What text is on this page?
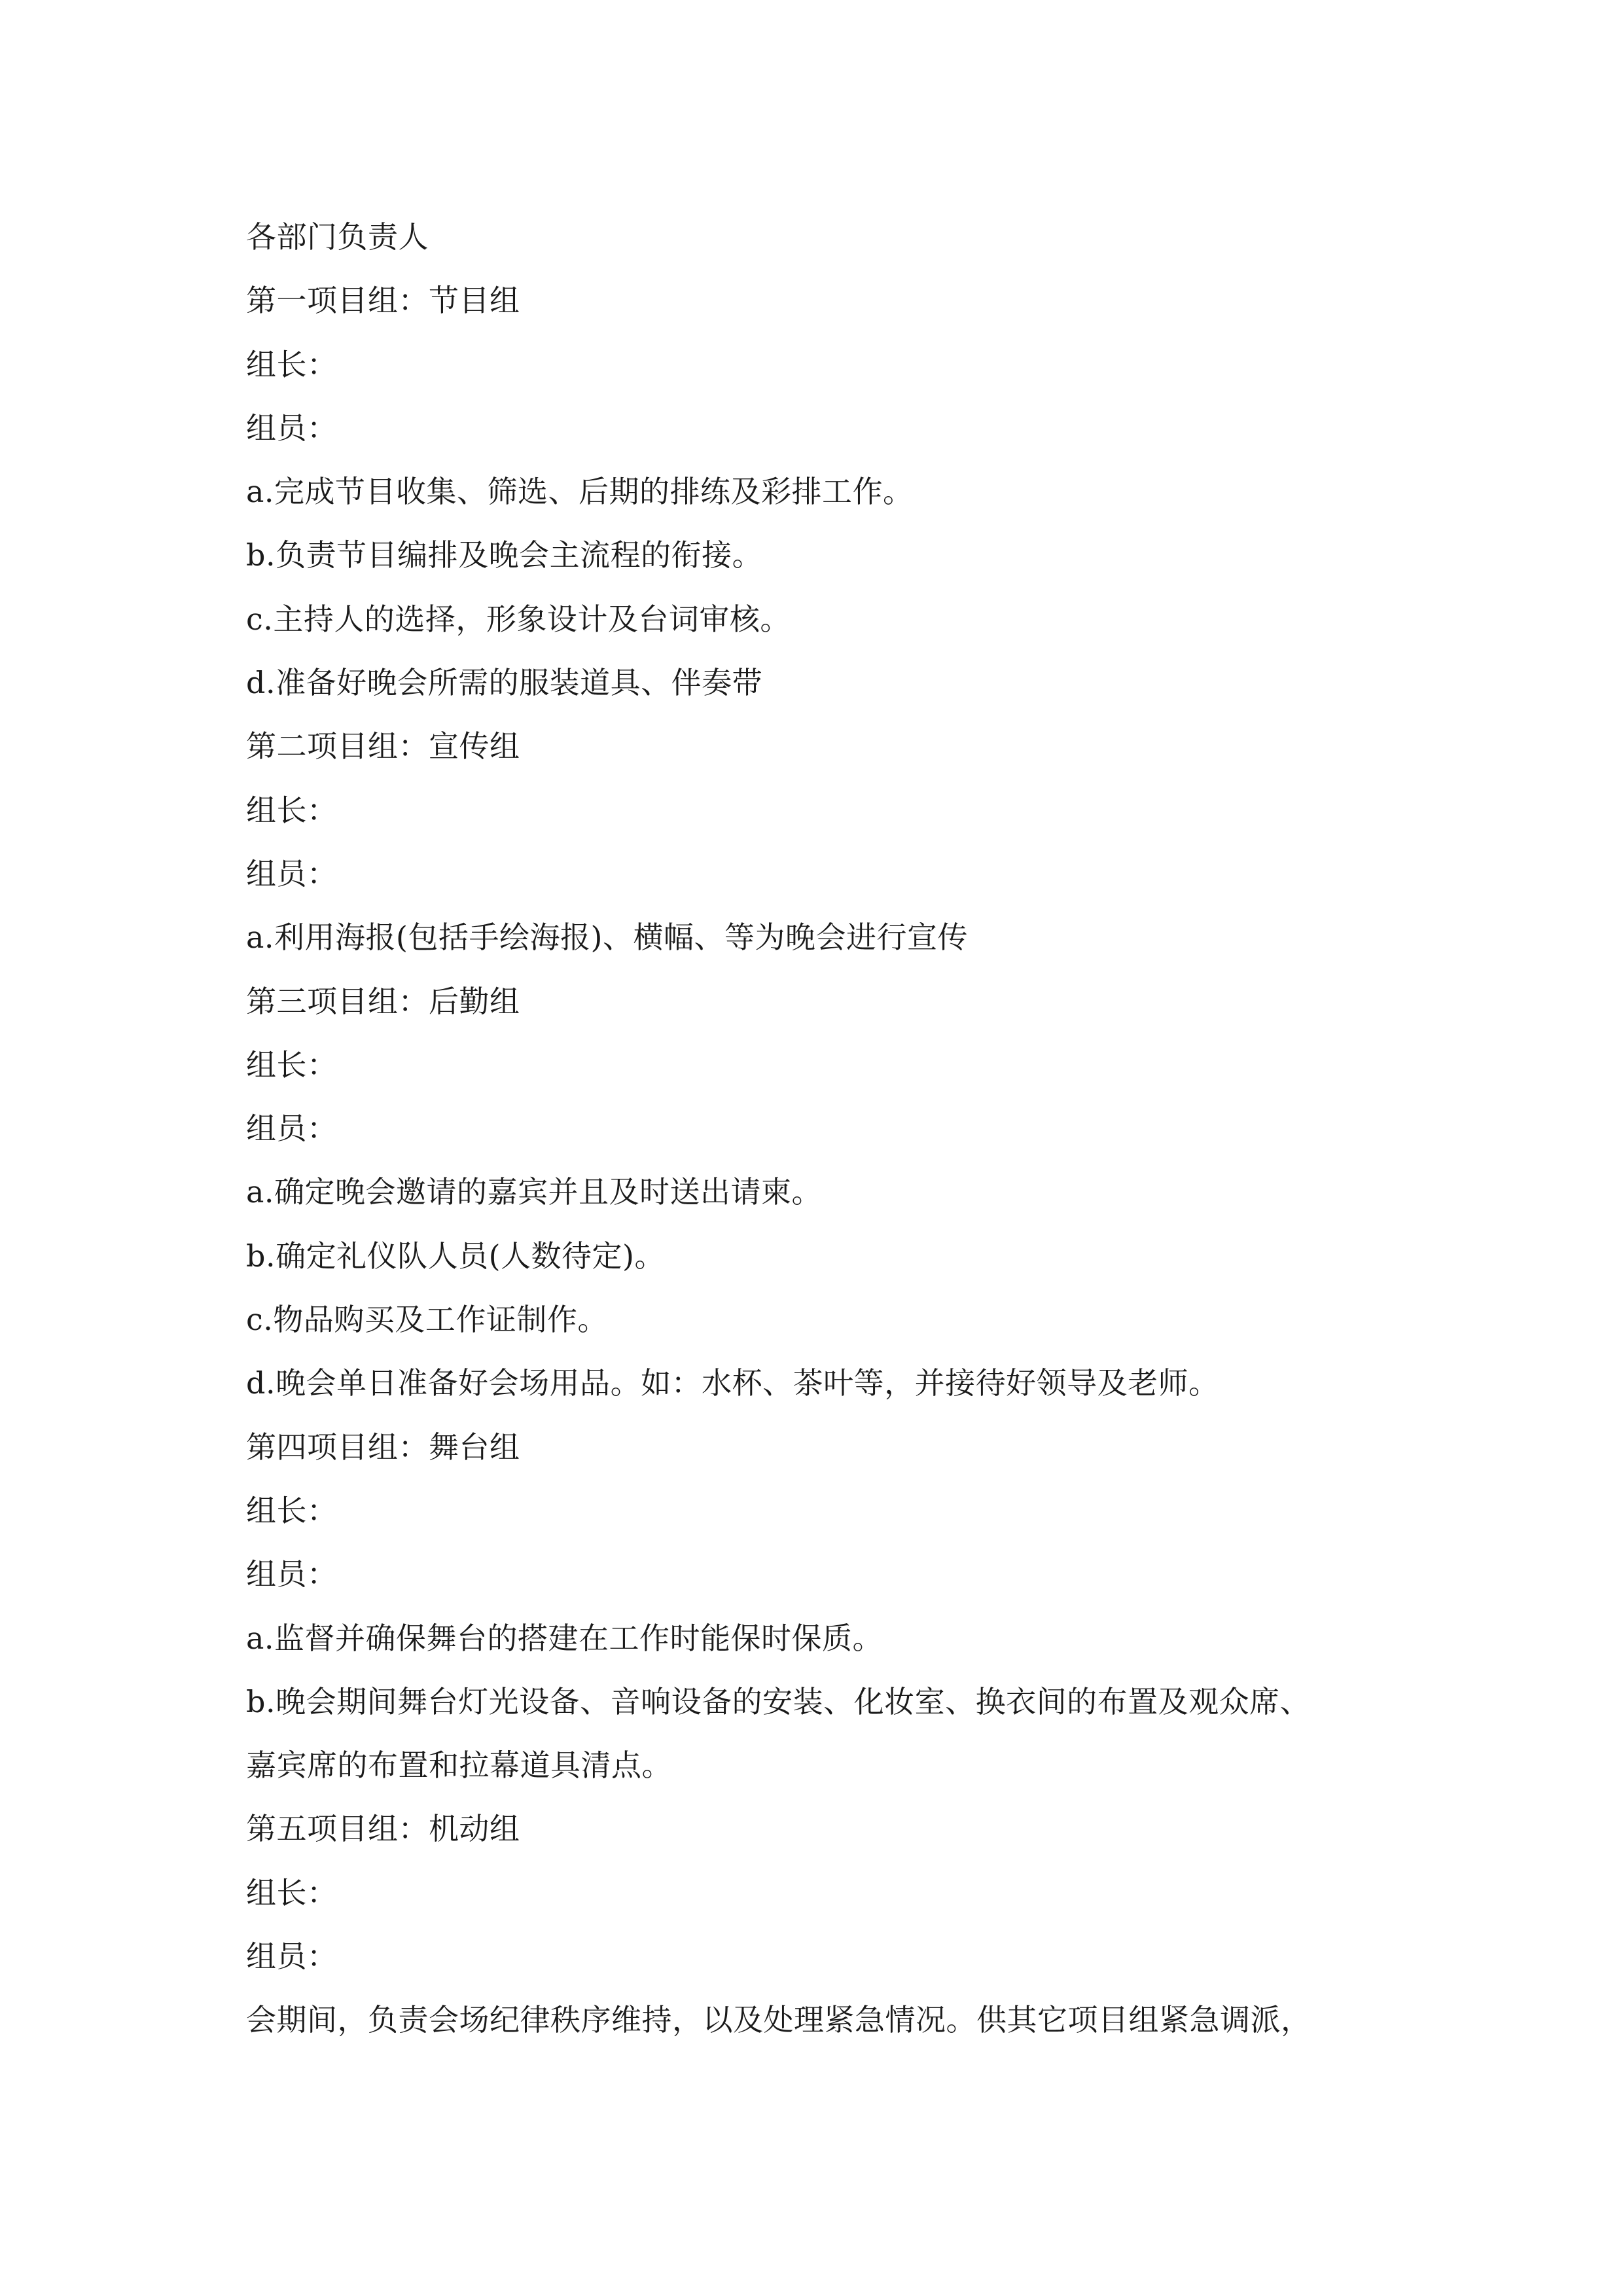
各部门负责人

第一项目组：节目组

组长：

组员：

a.完成节目收集、筛选、后期的排练及彩排工作。

b.负责节目编排及晚会主流程的衔接。

c.主持人的选择，形象设计及台词审核。

d.准备好晚会所需的服装道具、伴奏带

第二项目组：宣传组

组长：

组员：

a.利用海报(包括手绘海报)、横幅、等为晚会进行宣传

第三项目组：后勤组

组长：

组员：

a.确定晚会邀请的嘉宾并且及时送出请柬。

b.确定礼仪队人员(人数待定)。

c.物品购买及工作证制作。

d.晚会单日准备好会场用品。如：水杯、茶叶等，并接待好领导及老师。

第四项目组：舞台组

组长：

组员：

a.监督并确保舞台的搭建在工作时能保时保质。

b.晚会期间舞台灯光设备、音响设备的安装、化妆室、换衣间的布置及观众席、

嘉宾席的布置和拉幕道具清点。

第五项目组：机动组

组长：

组员：

会期间，负责会场纪律秩序维持，以及处理紧急情况。供其它项目组紧急调派，
